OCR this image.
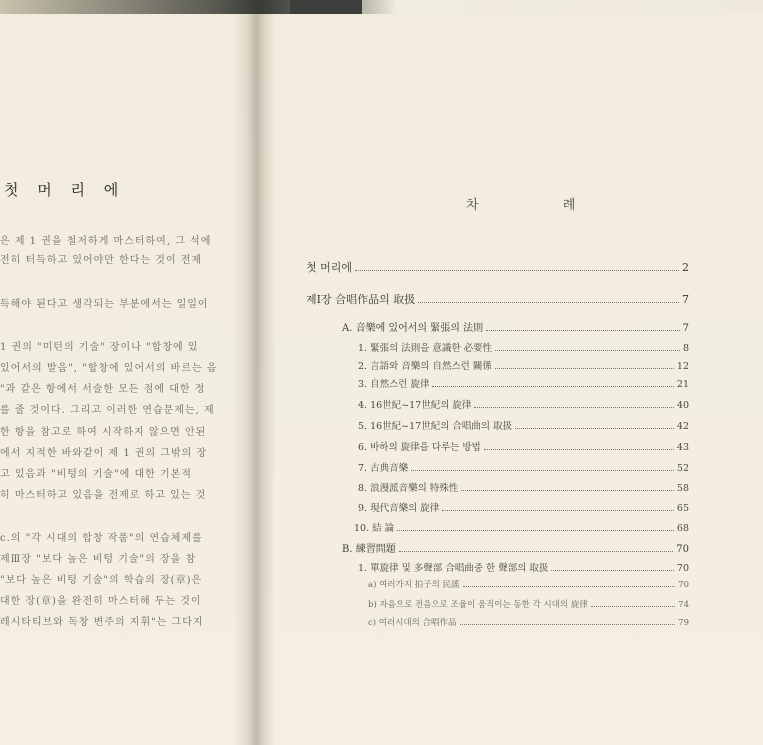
첫 머 리 에
은 제 1 권을 철저하게 마스터하여, 그 석에
전히 터득하고 있어야만 한다는 것이 전제
득해야 된다고 생각되는 부분에서는 일일이
1 권의 "미턴의 기술" 장이나 "합창에 있
있어서의 발음", "합창에 있어서의 바르는 음
"과 같은 항에서 서술한 모든 점에 대한 정
를 줄 것이다. 그리고 이러한 연습문제는, 제
한 항을 참고로 하여 시작하지 않으면 안된
에서 지적한 바와같이 제 1 권의 그밖의 장
고 있음과 "비텅의 기술"에 대한 기본적
히 마스터하고 있음을 전제로 하고 있는 것
c.의 "각 시대의 합창 작품"의 연습체제를
제Ⅲ장 "보다 높은 비텅 기술"의 장을 참
"보다 높은 비텅 기술"의 학습의 장(章)은
대한 장(章)을 완전히 마스터해 두는 것이
레시타티브와 독창 변주의 지휘"는 그다지
차 례
첫 머리에	2
제Ⅰ장 合唱作品의 取扱	7
A. 音樂에 있어서의 緊張의 法則	7
1. 緊張의 法則을 意識한 必要性	8
2. 言語와 音樂의 自然스런 關係	12
3. 自然스런 旋律	21
4. 16世紀~17世紀의 旋律	40
5. 16世紀~17世紀의 合唱曲의 取扱	42
6. 바하의 旋律을 다루는 방법	43
7. 古典音樂	52
8. 浪漫派音樂의 特殊性	58
9. 現代音樂의 旋律	65
10. 結 論	68
B. 練習問題	70
1. 單旋律 및 多聲部 合唱曲중 한 聲部의 取扱	70
a) 여러가지 拍子의 民謠	70
b) 자음으로 전음으로 조율이 움직이는 동한 각 시대의 旋律	74
c) 여러시대의 合唱作品	79
